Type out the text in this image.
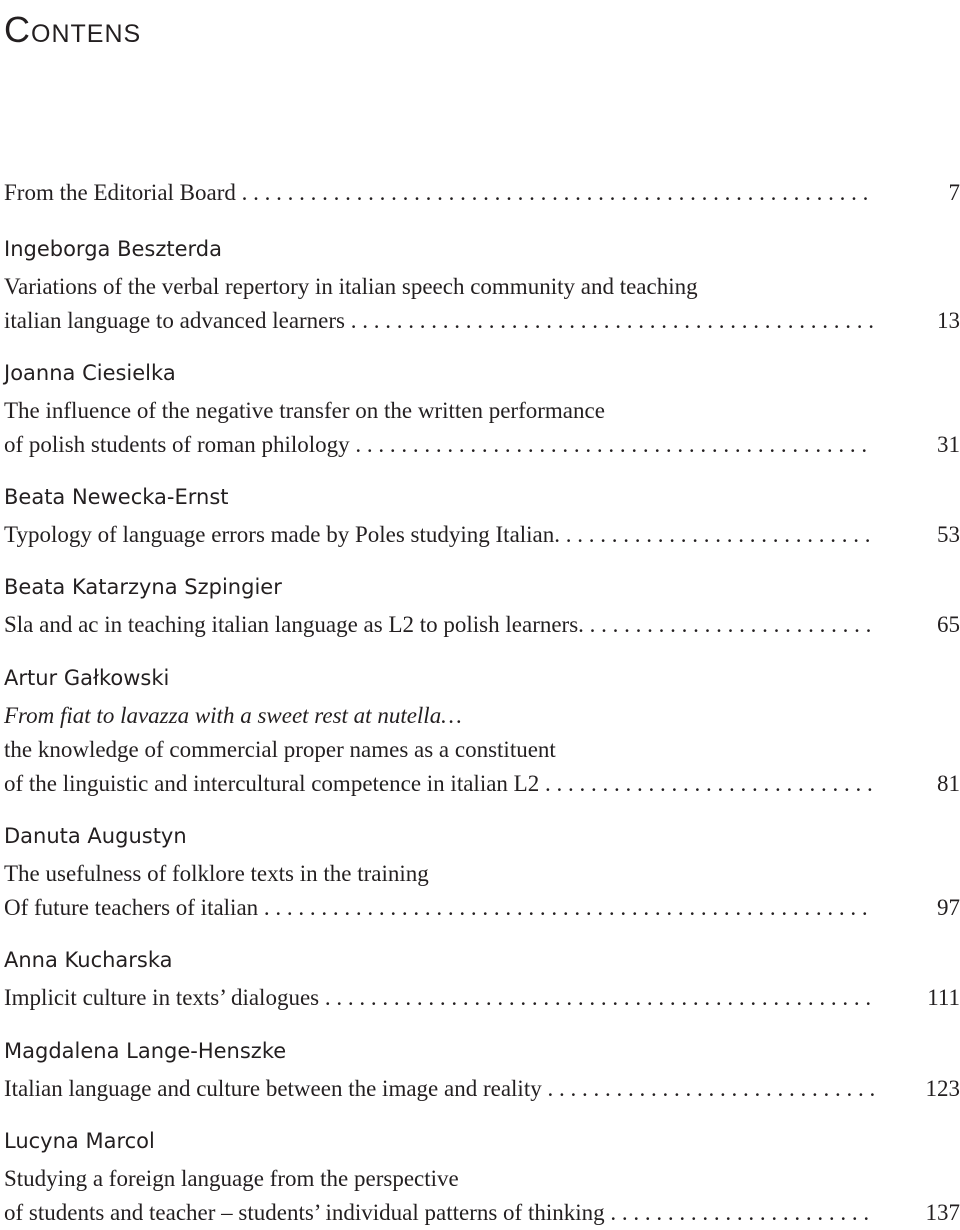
Contens
From the Editorial Board . . .	7
Ingeborga Beszterda
Variations of the verbal repertory in italian speech community and teaching
italian language to advanced learners . . .	13
Joanna Ciesielka
The influence of the negative transfer on the written performance
of polish students of roman philology . . .	31
Beata Newecka-Ernst
Typology of language errors made by Poles studying Italian. . . .	53
Beata Katarzyna Szpingier
Sla and ac in teaching italian language as L2 to polish learners. . . .	65
Artur Gałkowski
From fiat to lavazza with a sweet rest at nutella…
the knowledge of commercial proper names as a constituent
of the linguistic and intercultural competence in italian L2 . . .	81
Danuta Augustyn
The usefulness of folklore texts in the training
Of future teachers of italian . . .	97
Anna Kucharska
Implicit culture in texts’ dialogues . . .	111
Magdalena Lange-Henszke
Italian language and culture between the image and reality . . .	123
Lucyna Marcol
Studying a foreign language from the perspective
of students and teacher – students’ individual patterns of thinking . . .	137
